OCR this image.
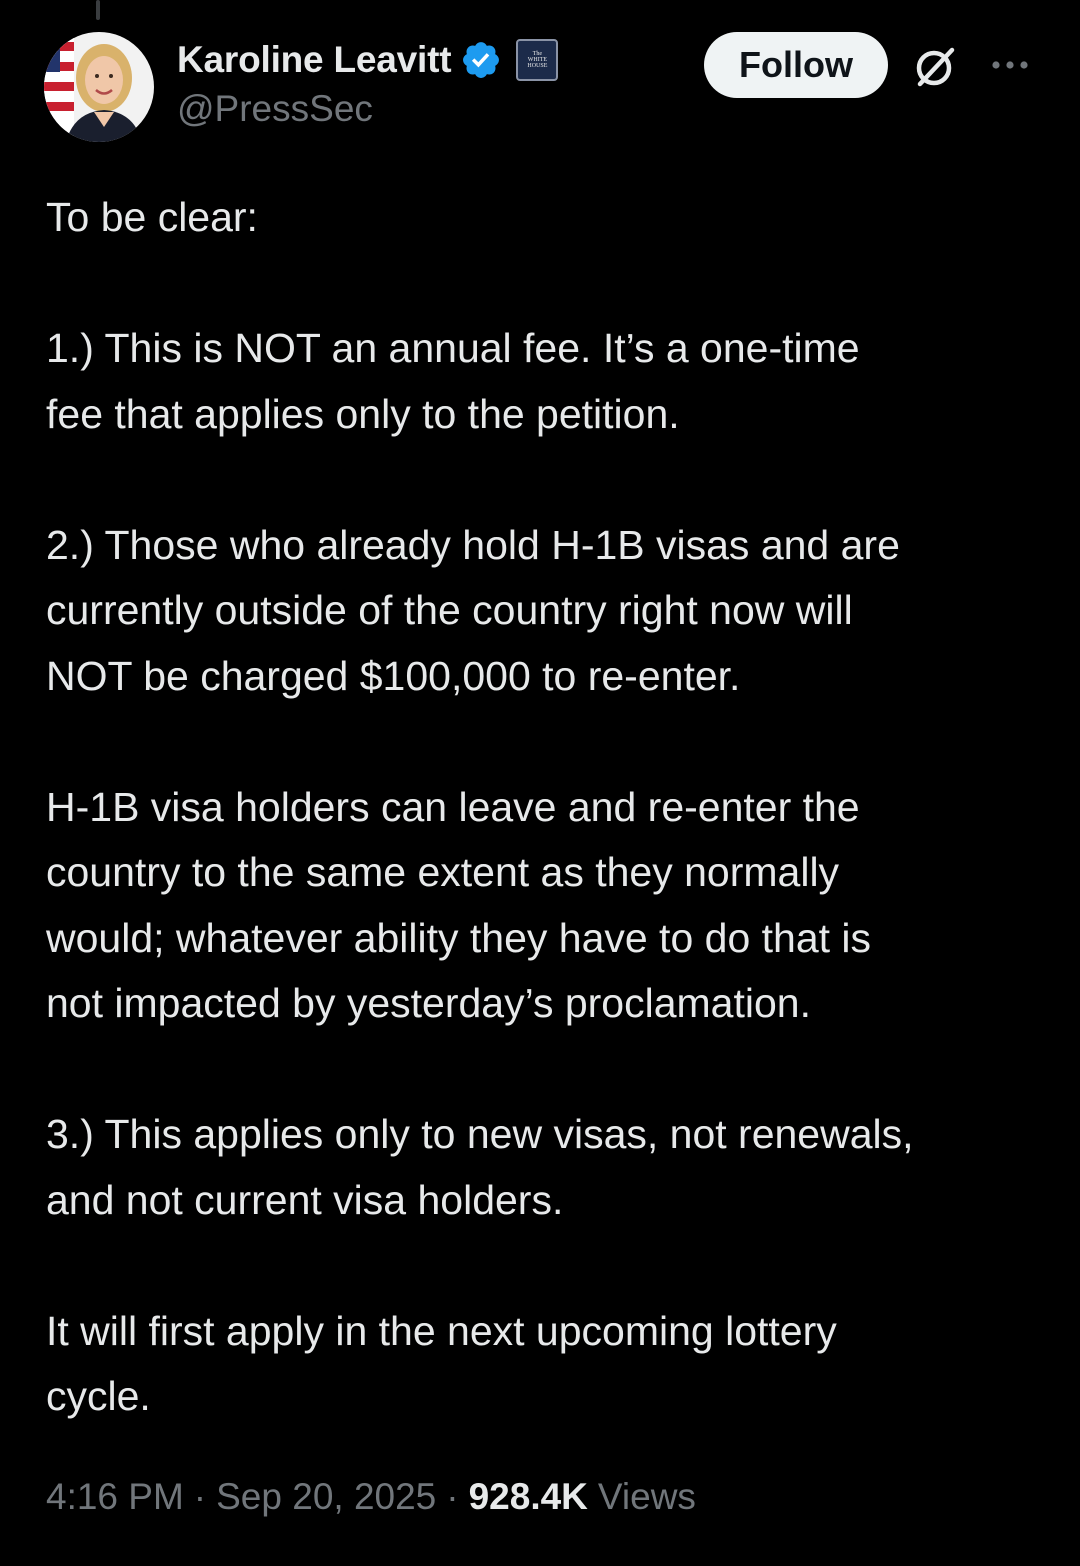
Karoline Leavitt	The WHITE HOUSE
@PressSec
Follow

To be clear:

1.) This is NOT an annual fee. It’s a one-time
fee that applies only to the petition.

2.) Those who already hold H-1B visas and are
currently outside of the country right now will
NOT be charged $100,000 to re-enter.

H-1B visa holders can leave and re-enter the
country to the same extent as they normally
would; whatever ability they have to do that is
not impacted by yesterday’s proclamation.

3.) This applies only to new visas, not renewals,
and not current visa holders.

It will first apply in the next upcoming lottery
cycle.

4:16 PM · Sep 20, 2025 · 928.4K Views
